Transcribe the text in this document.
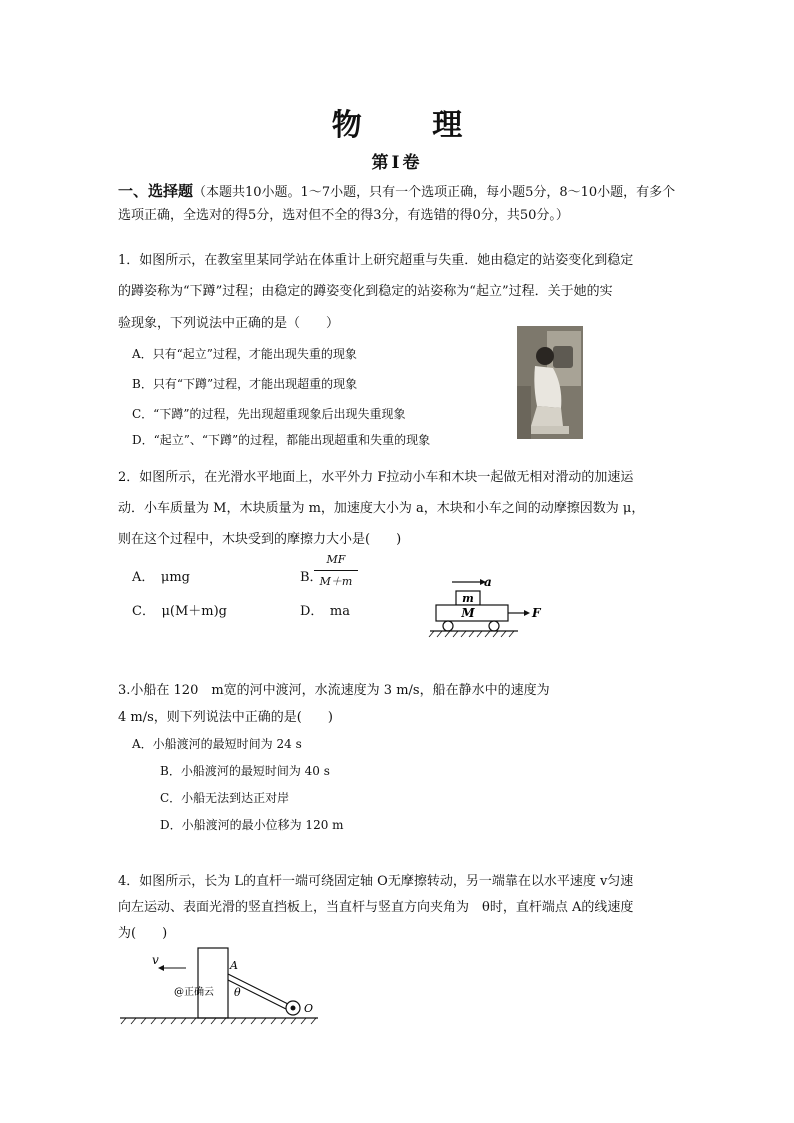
物 理
第Ⅰ卷
一、选择题（本题共10小题。1～7小题，只有一个选项正确，每小题5分，8～10小题，有多个选项正确，全选对的得5分，选对但不全的得3分，有选错的得0分，共50分。）
1．如图所示，在教室里某同学站在体重计上研究超重与失重．她由稳定的站姿变化到稳定
的蹲姿称为“下蹲”过程；由稳定的蹲姿变化到稳定的站姿称为“起立”过程．关于她的实
验现象，下列说法中正确的是（　　）
A．只有“起立”过程，才能出现失重的现象
B．只有“下蹲”过程，才能出现超重的现象
C．“下蹲”的过程，先出现超重现象后出现失重现象
D．“起立”、“下蹲”的过程，都能出现超重和失重的现象
2．如图所示，在光滑水平地面上，水平外力 F拉动小车和木块一起做无相对滑动的加速运
动．小车质量为 M，木块质量为 m，加速度大小为 a，木块和小车之间的动摩擦因数为 μ，
则在这个过程中，木块受到的摩擦力大小是(　　)
A．　μmg	B．
MF
M＋m
C．　μ(M＋m)g	D．　ma
a
m
M	F
3.小船在 120　m宽的河中渡河，水流速度为 3 m/s，船在静水中的速度为
4 m/s，则下列说法中正确的是(　　)
A．小船渡河的最短时间为 24 s
B．小船渡河的最短时间为 40 s
C．小船无法到达正对岸
D．小船渡河的最小位移为 120 m
4．如图所示，长为 L的直杆一端可绕固定轴 O无摩擦转动，另一端靠在以水平速度 v匀速
向左运动、表面光滑的竖直挡板上，当直杆与竖直方向夹角为　θ时，直杆端点 A的线速度
为(　　)
v	A
θ
@正确云
O
